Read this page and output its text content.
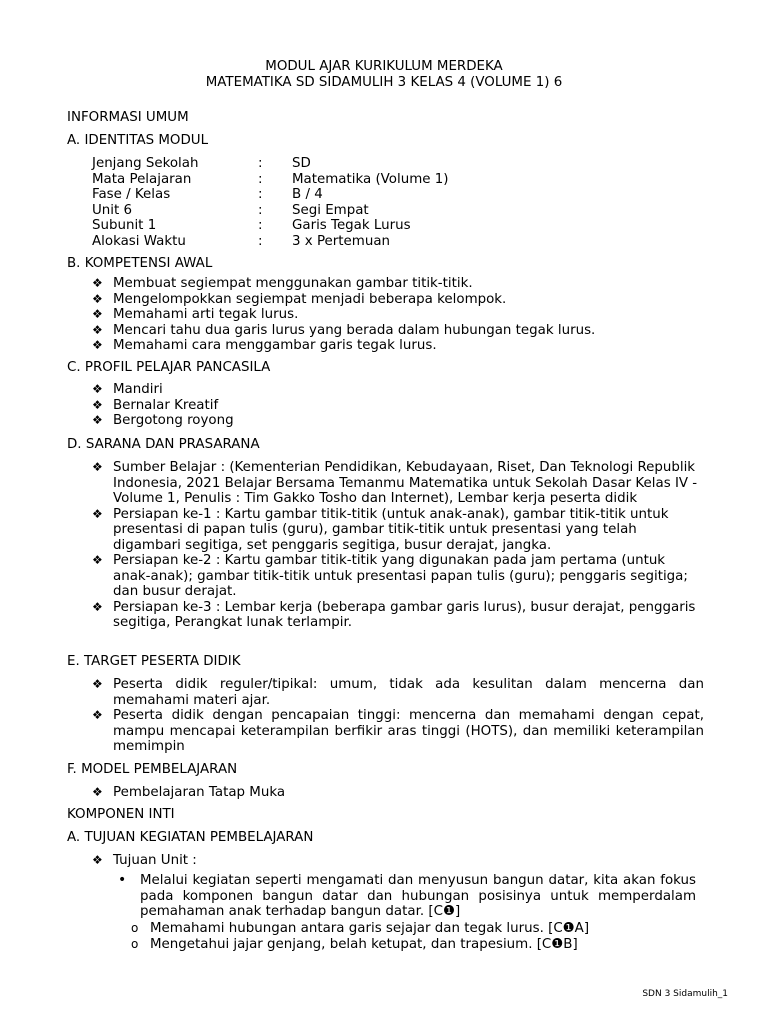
MODUL AJAR KURIKULUM MERDEKA
MATEMATIKA SD SIDAMULIH 3 KELAS 4 (VOLUME 1) 6
INFORMASI UMUM
A. IDENTITAS MODUL
Jenjang Sekolah	:	SD
Mata Pelajaran	:	Matematika (Volume 1)
Fase / Kelas	:	B / 4
Unit 6	:	Segi Empat
Subunit 1	:	Garis Tegak Lurus
Alokasi Waktu	:	3 x Pertemuan
B. KOMPETENSI AWAL
❖ Membuat segiempat menggunakan gambar titik-titik.
❖ Mengelompokkan segiempat menjadi beberapa kelompok.
❖ Memahami arti tegak lurus.
❖ Mencari tahu dua garis lurus yang berada dalam hubungan tegak lurus.
❖ Memahami cara menggambar garis tegak lurus.
C. PROFIL PELAJAR PANCASILA
❖ Mandiri
❖ Bernalar Kreatif
❖ Bergotong royong
D. SARANA DAN PRASARANA
❖ Sumber Belajar : (Kementerian Pendidikan, Kebudayaan, Riset, Dan Teknologi Republik Indonesia, 2021 Belajar Bersama Temanmu Matematika untuk Sekolah Dasar Kelas IV - Volume 1, Penulis : Tim Gakko Tosho dan Internet), Lembar kerja peserta didik
❖ Persiapan ke-1 : Kartu gambar titik-titik (untuk anak-anak), gambar titik-titik untuk presentasi di papan tulis (guru), gambar titik-titik untuk presentasi yang telah digambari segitiga, set penggaris segitiga, busur derajat, jangka.
❖ Persiapan ke-2 : Kartu gambar titik-titik yang digunakan pada jam pertama (untuk anak-anak); gambar titik-titik untuk presentasi papan tulis (guru); penggaris segitiga; dan busur derajat.
❖ Persiapan ke-3 : Lembar kerja (beberapa gambar garis lurus), busur derajat, penggaris segitiga, Perangkat lunak terlampir.
E. TARGET PESERTA DIDIK
❖ Peserta didik reguler/tipikal: umum, tidak ada kesulitan dalam mencerna dan memahami materi ajar.
❖ Peserta didik dengan pencapaian tinggi: mencerna dan memahami dengan cepat, mampu mencapai keterampilan berfikir aras tinggi (HOTS), dan memiliki keterampilan memimpin
F. MODEL PEMBELAJARAN
❖ Pembelajaran Tatap Muka
KOMPONEN INTI
A. TUJUAN KEGIATAN PEMBELAJARAN
❖ Tujuan Unit :
•	Melalui kegiatan seperti mengamati dan menyusun bangun datar, kita akan fokus pada komponen bangun datar dan hubungan posisinya untuk memperdalam pemahaman anak terhadap bangun datar. [C❶]
o Memahami hubungan antara garis sejajar dan tegak lurus. [C❶A]
o Mengetahui jajar genjang, belah ketupat, dan trapesium. [C❶B]
SDN 3 Sidamulih_1
